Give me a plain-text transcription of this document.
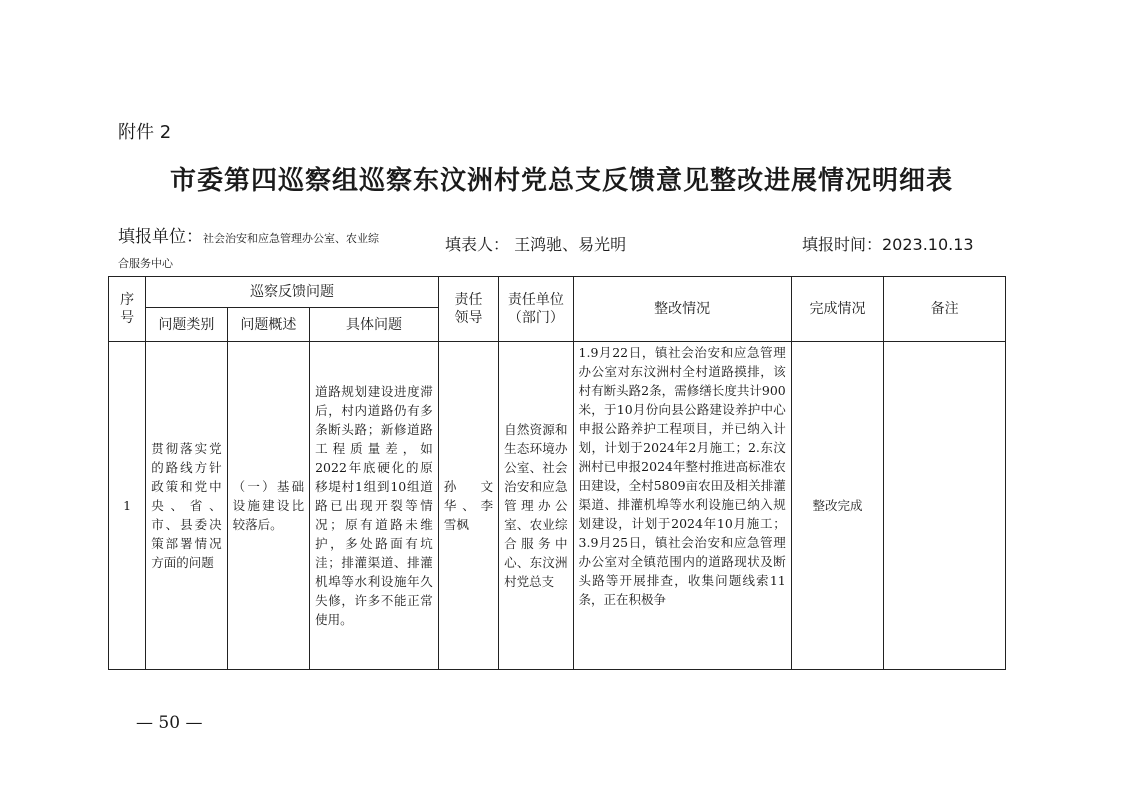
附件 2
市委第四巡察组巡察东汶洲村党总支反馈意见整改进展情况明细表
填报单位：社会治安和应急管理办公室、农业综
合服务中心
填表人： 王鸿驰、易光明	填报时间：2023.10.13
序号	巡察反馈问题			责任领导	责任单位（部门）	整改情况	完成情况	备注
	问题类别	问题概述	具体问题					
1	贯彻落实党的路线方针政策和党中央、省、市、县委决策部署情况方面的问题	（一）基础设施建设比较落后。	道路规划建设进度滞后，村内道路仍有多条断头路；新修道路工程质量差，如2022年底硬化的原移堤村1组到10组道路已出现开裂等情况；原有道路未维护，多处路面有坑洼；排灌渠道、排灌机埠等水利设施年久失修，许多不能正常使用。	孙文华、李雪枫	自然资源和生态环境办公室、社会治安和应急管理办公室、农业综合服务中心、东汶洲村党总支	1.9月22日，镇社会治安和应急管理办公室对东汶洲村全村道路摸排，该村有断头路2条，需修缮长度共计900米，于10月份向县公路建设养护中心申报公路养护工程项目，并已纳入计划，计划于2024年2月施工；2.东汶洲村已申报2024年整村推进高标准农田建设，全村5809亩农田及相关排灌渠道、排灌机埠等水利设施已纳入规划建设，计划于2024年10月施工；3.9月25日，镇社会治安和应急管理办公室对全镇范围内的道路现状及断头路等开展排查，收集问题线索11条，正在积极争	整改完成	
— 50 —
